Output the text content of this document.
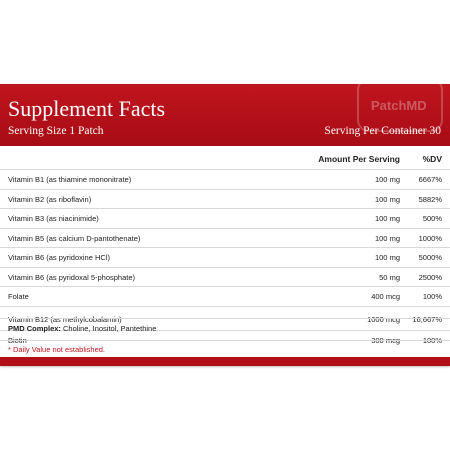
Supplement Facts
Serving Size 1 Patch	Serving Per Container 30
PatchMD
Amount Per Serving	%DV
Vitamin B1 (as thiamine mononitrate)	100 mg 6667%
Vitamin B2 (as riboflavin)	100 mg 5882%
Vitamin B3 (as niacinimide)	100 mg	500%
Vitamin B5 (as calcium D-pantothenate)	100 mg 1000%
Vitamin B6 (as pyridoxine HCl)	100 mg 5000%
Vitamin B6 (as pyridoxal 5-phosphate)	50 mg 2500%
Folate	400 mcg	100%
Vitamin B12 (as methylcobalamin)	1000 mcg 16,667%
Biotin	300 mcg	100%
PMD Complex: Choline, Inositol, Pantethine
* Daily Value not established.
